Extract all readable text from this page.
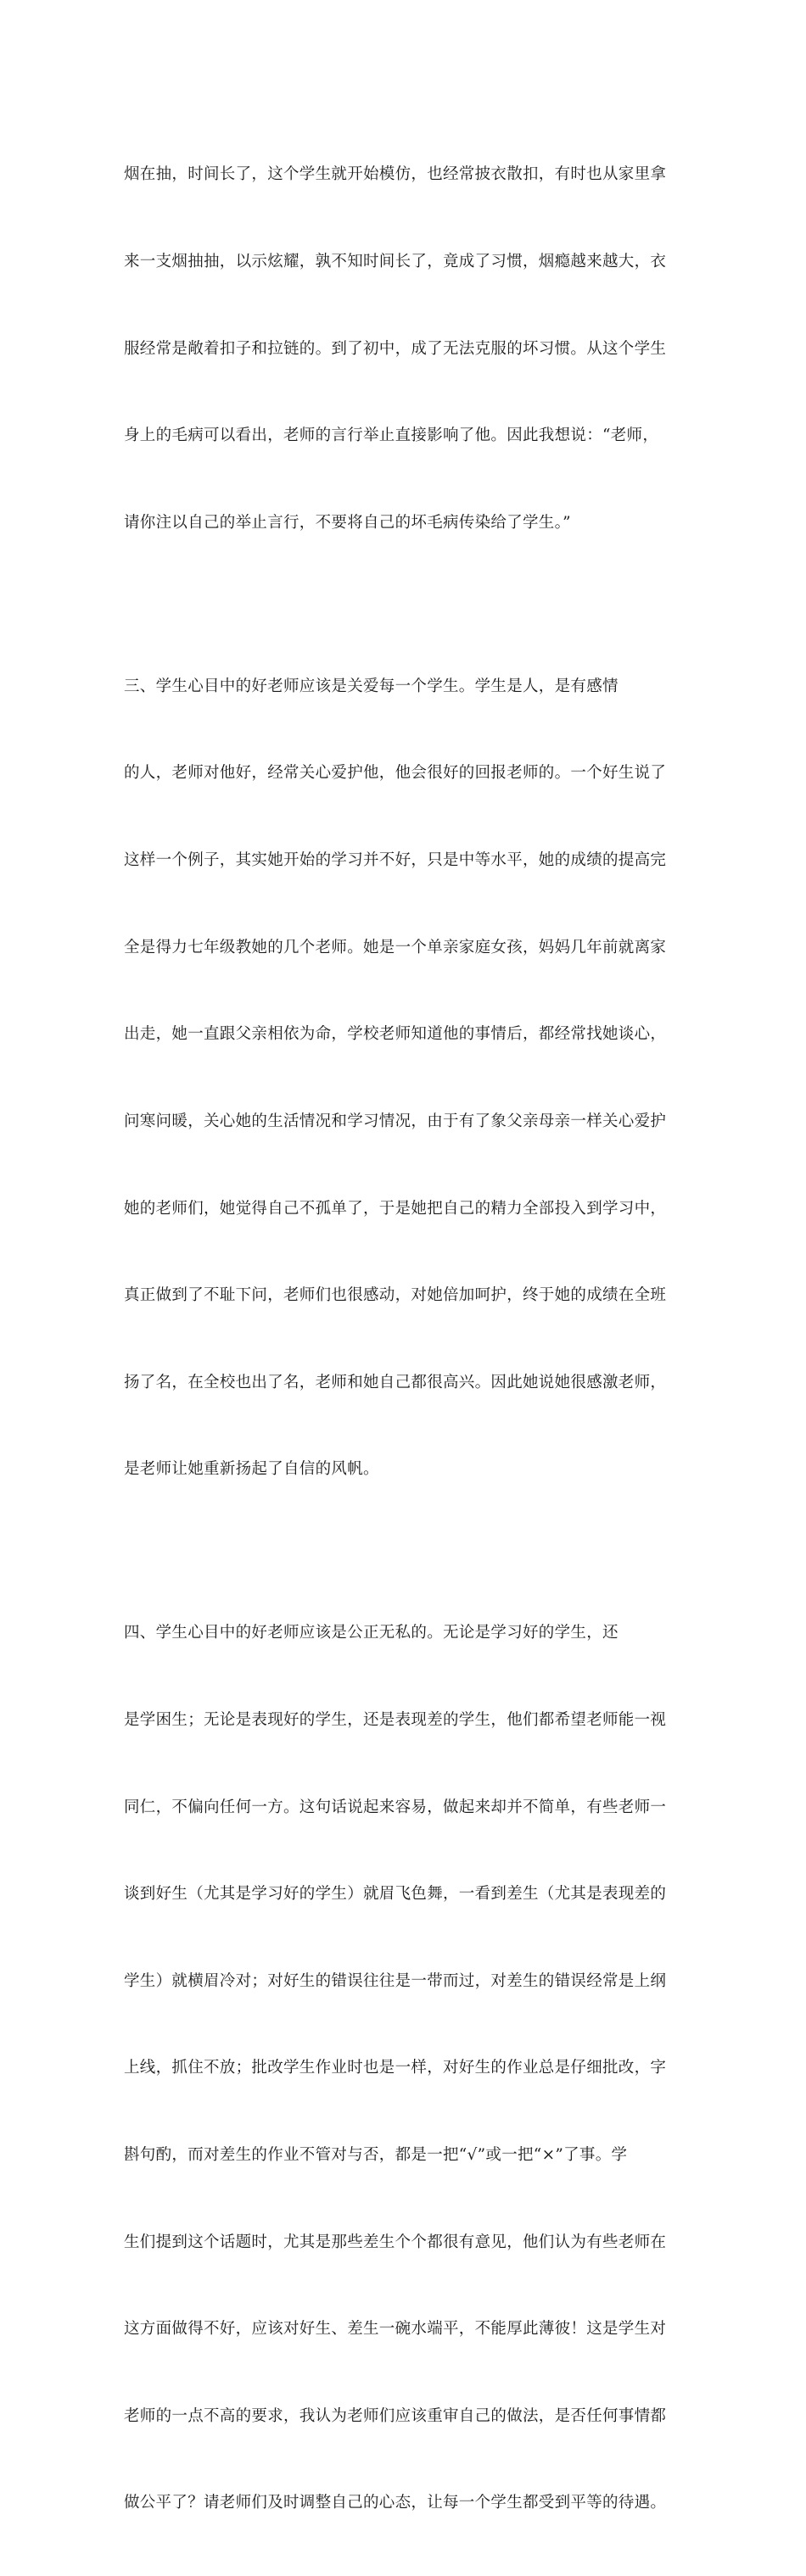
烟在抽，时间长了，这个学生就开始模仿，也经常披衣散扣，有时也从家里拿

来一支烟抽抽，以示炫耀，孰不知时间长了，竟成了习惯，烟瘾越来越大，衣

服经常是敞着扣子和拉链的。到了初中，成了无法克服的坏习惯。从这个学生

身上的毛病可以看出，老师的言行举止直接影响了他。因此我想说：“老师，

请你注以自己的举止言行，不要将自己的坏毛病传染给了学生。”

三、学生心目中的好老师应该是关爱每一个学生。学生是人，是有感情

的人，老师对他好，经常关心爱护他，他会很好的回报老师的。一个好生说了

这样一个例子，其实她开始的学习并不好，只是中等水平，她的成绩的提高完

全是得力七年级教她的几个老师。她是一个单亲家庭女孩，妈妈几年前就离家

出走，她一直跟父亲相依为命，学校老师知道他的事情后，都经常找她谈心，

问寒问暖，关心她的生活情况和学习情况，由于有了象父亲母亲一样关心爱护

她的老师们，她觉得自己不孤单了，于是她把自己的精力全部投入到学习中，

真正做到了不耻下问，老师们也很感动，对她倍加呵护，终于她的成绩在全班

扬了名，在全校也出了名，老师和她自己都很高兴。因此她说她很感激老师，

是老师让她重新扬起了自信的风帆。

四、学生心目中的好老师应该是公正无私的。无论是学习好的学生，还

是学困生；无论是表现好的学生，还是表现差的学生，他们都希望老师能一视

同仁，不偏向任何一方。这句话说起来容易，做起来却并不简单，有些老师一

谈到好生（尤其是学习好的学生）就眉飞色舞，一看到差生（尤其是表现差的

学生）就横眉冷对；对好生的错误往往是一带而过，对差生的错误经常是上纲

上线，抓住不放；批改学生作业时也是一样，对好生的作业总是仔细批改，字

斟句酌，而对差生的作业不管对与否，都是一把“√”或一把“×”了事。学

生们提到这个话题时，尤其是那些差生个个都很有意见，他们认为有些老师在

这方面做得不好，应该对好生、差生一碗水端平，不能厚此薄彼！这是学生对

老师的一点不高的要求，我认为老师们应该重审自己的做法，是否任何事情都

做公平了？请老师们及时调整自己的心态，让每一个学生都受到平等的待遇。
